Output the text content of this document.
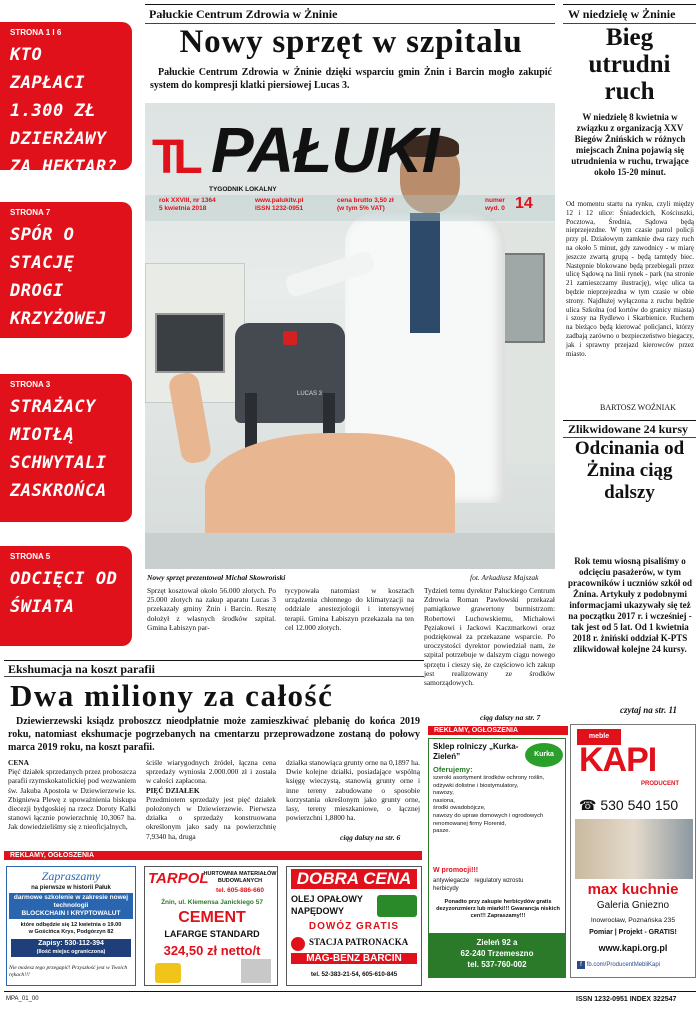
STRONA 1 I 6
KTO ZAPŁACI 1.300 ZŁ DZIERŻAWY ZA HEKTAR?
STRONA 7
SPÓR O STACJĘ DROGI KRZYŻOWEJ
STRONA 3
STRAŻACY MIOTŁĄ SCHWYTALI ZASKROŃCA
STRONA 5
ODCIĘCI OD ŚWIATA
Pałuckie Centrum Zdrowia w Żninie
Nowy sprzęt w szpitalu
Pałuckie Centrum Zdrowia w Żninie dzięki wsparciu gmin Żnin i Barcin mogło zakupić system do kompresji klatki piersiowej Lucas 3.
LUCAS 3
TL PAŁUKI
TYGODNIK LOKALNY
rok XXVIII, nr 1364
5 kwietnia 2018
www.palukitv.pl
ISSN 1232-0951
cena brutto 3,50 zł
(w tym 5% VAT)
numer
wyd. 0 14
Nowy sprzęt prezentował Michał Skowroński	fot. Arkadiusz Majszak
Sprzęt kosztował około 56.000 złotych. Po 25.000 złotych na zakup aparatu Lucas 3 przekazały gminy Żnin i Barcin. Resztę dołożył z własnych środków szpital. Gmina Łabiszyn par-
tycypowała natomiast w kosztach urządzenia chłonnego do klimatyzacji na oddziale anestezjologii i intensywnej terapii. Gmina Łabiszyn przekazała na ten cel 12.000 złotych.
Tydzień temu dyrektor Pałuckiego Centrum Zdrowia Roman Pawłowski przekazał pamiątkowe grawertony burmistrzom: Robertowi Luchowskiemu, Michałowi Pęziakowi i Jackowi Kaczmarkowi oraz podziękował za przekazane wsparcie. Po uroczystości dyrektor powiedział nam, że szpital potrzebuje w dalszym ciągu nowego sprzętu i cieszy się, że częściowo ich zakup jest realizowany ze środków samorządowych.
ciąg dalszy na str. 7
W niedzielę w Żninie
Bieg utrudni ruch
W niedzielę 8 kwietnia w związku z organizacją XXV Biegów Żnińskich w różnych miejscach Żnina pojawią się utrudnienia w ruchu, trwające około 15-20 minut.
Od momentu startu na rynku, czyli między 12 i 12 ulice: Śniadeckich, Kościuszki, Pocztowa, Średnia, Sądowa będą nieprzejezdne. W tym czasie patrol policji przy pl. Działowym zamknie dwa razy ruch na około 5 minut, gdy zawodnicy - w miarę jeszcze zwartą grupą - będą tamtędy biec. Następnie blokowane będą przebiegali przez ulicę Sądową na linii rynek - park (na stronie 21 zamieszczamy ilustrację), więc ulica ta będzie nieprzejezdna w tym czasie w obie strony. Najdłużej wyłączona z ruchu będzie ulica Szkolna (od kortów do granicy miasta) i szosy na Rydlewo i Skarbienice. Ruchem na bieżąco będą kierować policjanci, którzy zadbają zarówno o bezpieczeństwo biegaczy, jak i sprawny przejazd kierowców przez miasto.
BARTOSZ WOŹNIAK
Zlikwidowane 24 kursy
Odcinania od Żnina ciąg dalszy
Rok temu wiosną pisaliśmy o odcięciu pasażerów, w tym pracowników i uczniów szkół od Żnina. Artykuły z podobnymi informacjami ukazywały się też na początku 2017 r. i wcześniej - tak jest od 5 lat. Od 1 kwietnia 2018 r. żniński oddział K-PTS zlikwidował kolejne 24 kursy.
czytaj na str. 11
Ekshumacja na koszt parafii
Dwa miliony za całość
Dziewierzewski ksiądz proboszcz nieodpłatnie może zamieszkiwać plebanię do końca 2019 roku, natomiast ekshumacje pogrzebanych na cmentarzu przeprowadzone zostaną do połowy marca 2019 roku, na koszt parafii.
CENA
Pięć działek sprzedanych przez proboszcza parafii rzymskokatolickiej pod wezwaniem św. Jakuba Apostoła w Dziewierzewie ks. Zbigniewa Plewę z upoważnienia biskupa diecezji bydgoskiej na rzecz Doroty Kalki stanowi łącznie powierzchnię 10,3067 ha. Jak dowiedzieliśmy się z nieoficjalnych,
ściśle wiarygodnych źródeł, łączna cena sprzedaży wyniosła 2.000.000 zł i została w całości zapłacona.
PIĘĆ DZIAŁEK
Przedmiotem sprzedaży jest pięć działek położonych w Dziewierzewie. Pierwsza działka o sprzedaży konstruowana określonym jako sady na powierzchnię 7,9340 ha, druga
działka stanowiąca grunty orne na 0,1897 ha. Dwie kolejne działki, posiadające wspólną księgę wieczystą, stanowią grunty orne i inne tereny zabudowane o sposobie korzystania określonym jako grunty orne, lasy, tereny mieszkaniowe, o łącznej powierzchni 1,8800 ha.
ciąg dalszy na str. 6
REKLAMY, OGŁOSZENIA
REKLAMY, OGŁOSZENIA
Sklep rolniczy „Kurka-Zieleń”	Kurka
Oferujemy:
szeroki asortyment środków ochrony roślin,
odżywki dolistne i biostymulatory,
nawozy,
nasiona,
środki owadobójcze,
nawozy do upraw domowych i ogrodowych renomowanej firmy Florenid,
pasze.
W promocji!!!
antywiegacze regulatory wzrostu
herbicydy
Ponadto przy zakupie herbicydów gratis dezyzonzmierz lub miarki!!! Gwarancja niskich cen!!! Zapraszamy!!!
Zieleń 92 a
62-240 Trzemeszno
tel. 537-760-002
meble
KAPI
PRODUCENT
☎ 530 540 150
max kuchnie
Galeria Gniezno
Inowrocław, Poznańska 235
Pomiar | Projekt - GRATIS!
www.kapi.org.pl
f fb.com/ProducentMebliKapi
Zapraszamy
na pierwsze w historii Pałuk
darmowe szkolenie w zakresie nowej technologii
BLOCKCHAIN I KRYPTOWALUT
które odbędzie się 12 kwietnia o 19.00
w Gościńca Krys, Podgórzyn 82
Zapisy: 530-112-394
(Ilość miejsc ograniczona)
Nie możesz tego przegapić! Przyszłość jest w Twoich rękach!!!
TARPOL
HURTOWNIA MATERIAŁÓW BUDOWLANYCH
tel. 605-886-660
Żnin, ul. Klemensa Janickiego 57
CEMENT
LAFARGE STANDARD
324,50 zł netto/t
DOBRA CENA
OLEJ OPAŁOWY
NAPĘDOWY
DOWÓZ GRATIS
STACJA PATRONACKA
MAG-BENZ BARCIN
tel. 52-383-21-54, 605-610-845
MPA_01_00	ISSN 1232-0951 INDEX 322547
